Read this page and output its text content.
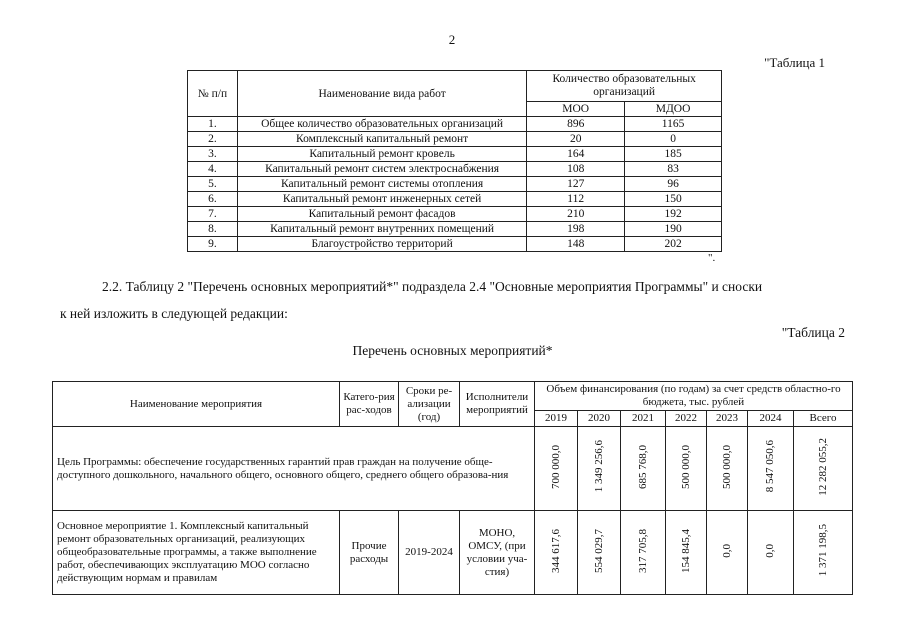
2
"Таблица 1
№ п/п	Наименование вида работ	Количество образовательных организаций	
		МОО	МДОО
1.	Общее количество образовательных организаций	896	1165
2.	Комплексный капитальный ремонт	20	0
3.	Капитальный ремонт кровель	164	185
4.	Капитальный ремонт систем электроснабжения	108	83
5.	Капитальный ремонт системы отопления	127	96
6.	Капитальный ремонт инженерных сетей	112	150
7.	Капитальный ремонт фасадов	210	192
8.	Капитальный ремонт внутренних помещений	198	190
9.	Благоустройство территорий	148	202
".
2.2. Таблицу 2 "Перечень основных мероприятий*" подраздела 2.4 "Основные мероприятия Программы" и сноски
к ней изложить в следующей редакции:
"Таблица 2
Перечень основных мероприятий*
Наименование мероприятия	Катего-рия рас-ходов	Сроки ре-ализации (год)	Исполнители мероприятий	Объем финансирования (по годам) за счет средств областно-го бюджета, тыс. рублей						
				2019	2020	2021	2022	2023	2024	Всего
Цель Программы: обеспечение государственных гарантий прав граждан на получение обще-доступного дошкольного, начального общего, основного общего, среднего общего образова-ния				700 000,0	1 349 256,6	685 768,0	500 000,0	500 000,0	8 547 050,6	12 282 055,2
Основное мероприятие 1. Комплексный капитальный ремонт образовательных организаций, реализующих общеобразовательные программы, а также выполнение работ, обеспечивающих эксплуатацию МОО согласно действующим нормам и правилам	Прочие расходы	2019-2024	МОНО, ОМСУ, (при условии уча-стия)	344 617,6	554 029,7	317 705,8	154 845,4	0,0	0,0	1 371 198,5
